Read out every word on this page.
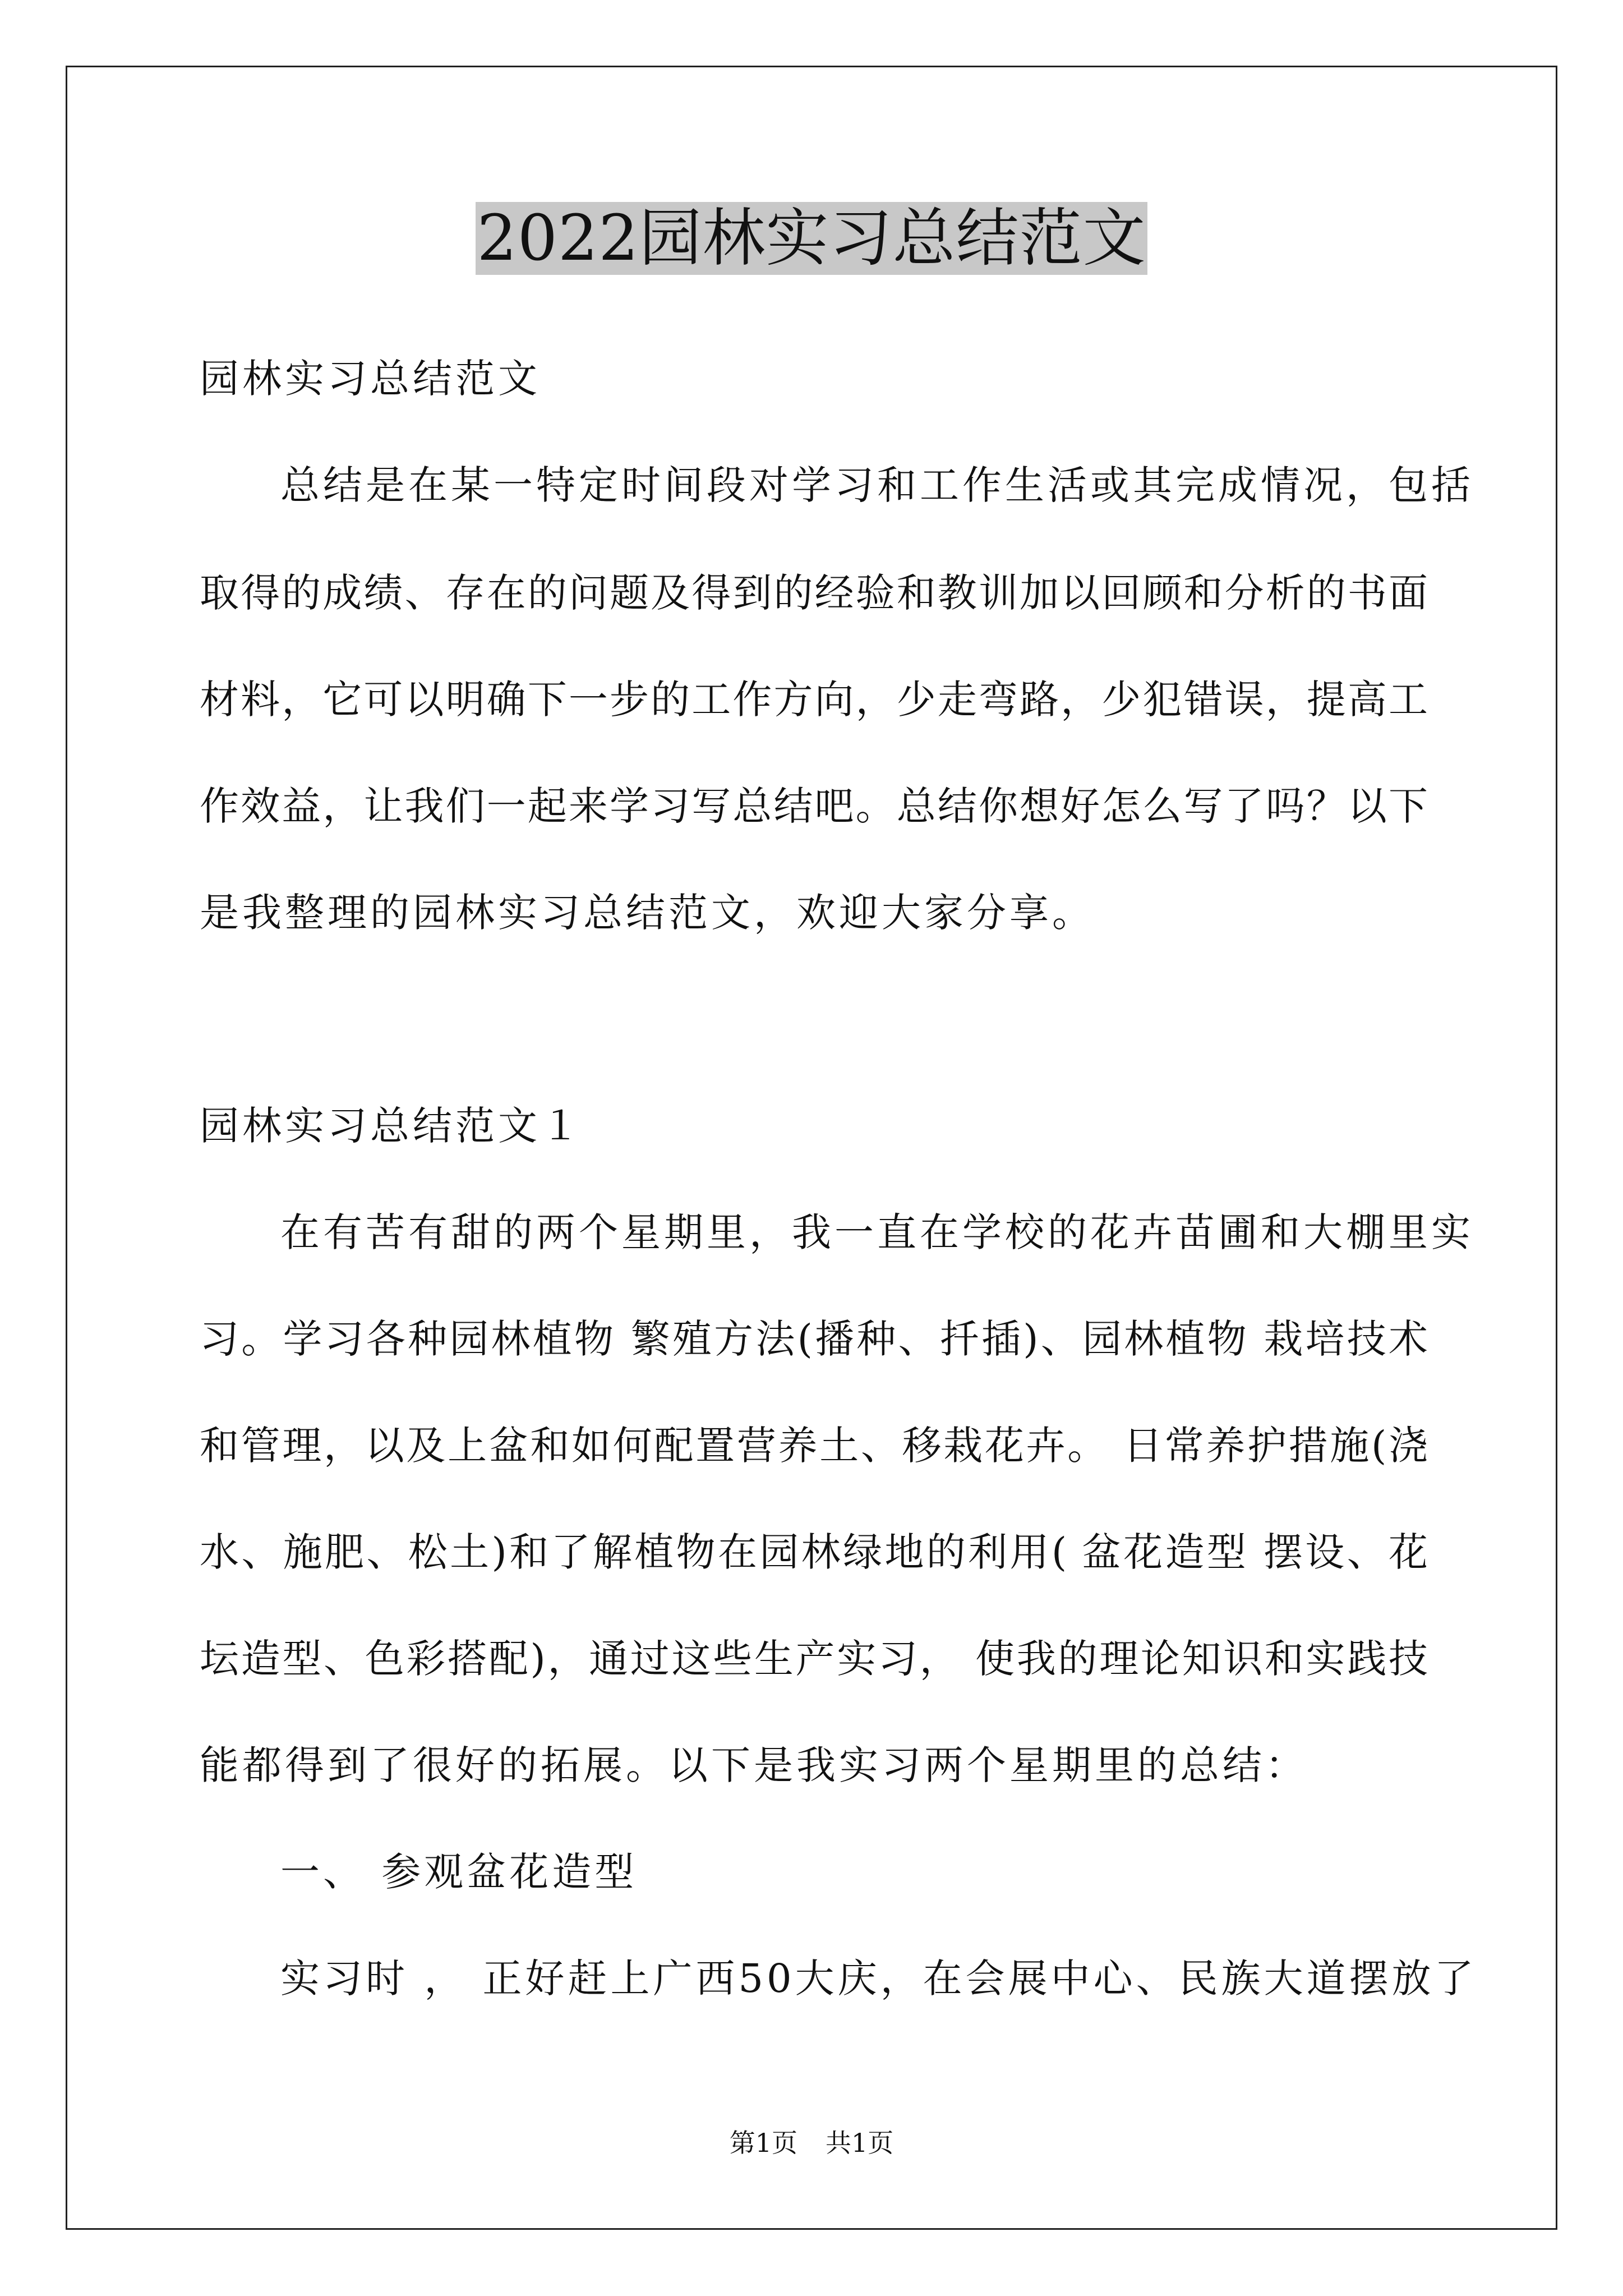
2022园林实习总结范文
园林实习总结范文
总结是在某一特定时间段对学习和工作生活或其完成情况，包括
取得的成绩、存在的问题及得到的经验和教训加以回顾和分析的书面
材料，它可以明确下一步的工作方向，少走弯路，少犯错误，提高工
作效益，让我们一起来学习写总结吧。总结你想好怎么写了吗？以下
是我整理的园林实习总结范文，欢迎大家分享。
园林实习总结范文１
在有苦有甜的两个星期里，我一直在学校的花卉苗圃和大棚里实
习。学习各种园林植物 繁殖方法(播种、扦插)、园林植物 栽培技术
和管理，以及上盆和如何配置营养土、移栽花卉。 日常养护措施(浇
水、施肥、松土)和了解植物在园林绿地的利用( 盆花造型 摆设、花
坛造型、色彩搭配)，通过这些生产实习， 使我的理论知识和实践技
能都得到了很好的拓展。以下是我实习两个星期里的总结：
一、 参观盆花造型
实习时 ， 正好赶上广西50大庆，在会展中心、民族大道摆放了
第1页 共1页
